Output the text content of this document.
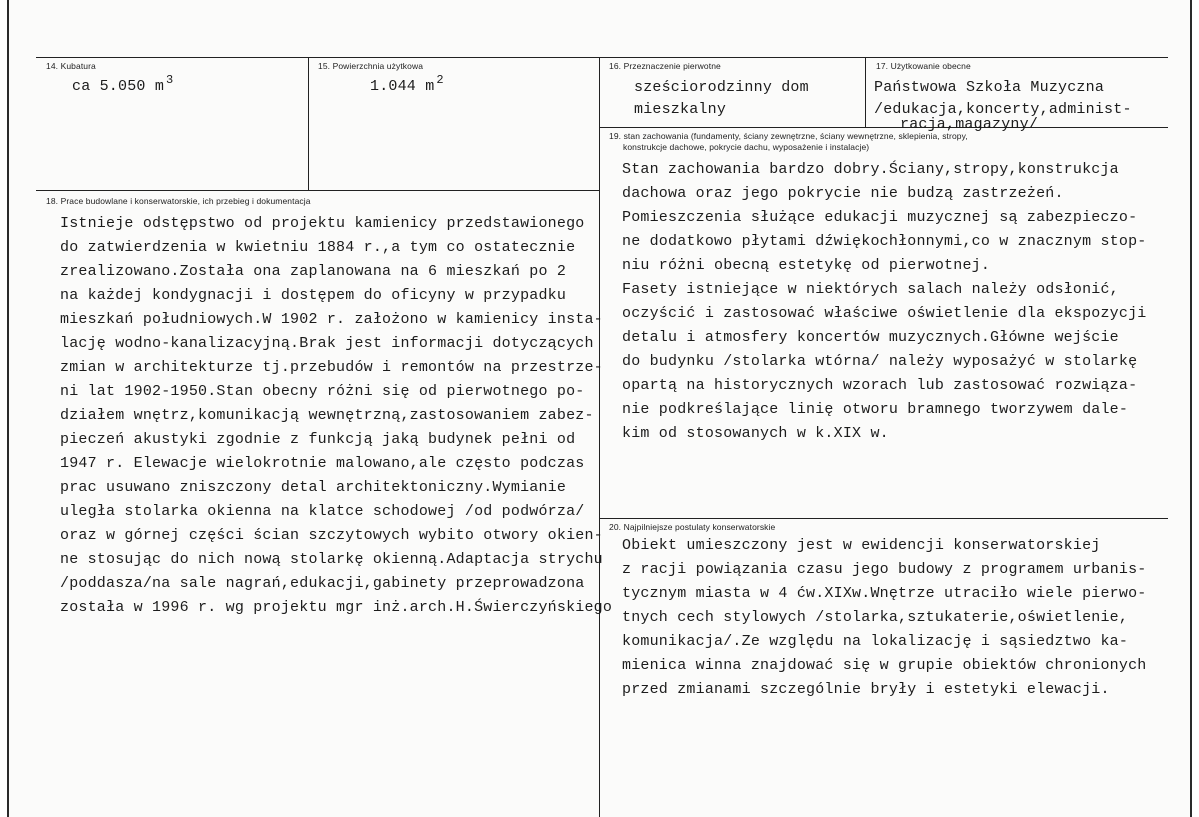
14. Kubatura
ca 5.050 m $^3$
15. Powierzchnia użytkowa
1.044 m $^2$
16. Przeznaczenie pierwotne
sześciorodzinny dom
mieszkalny
17. Użytkowanie obecne
Państwowa Szkoła Muzyczna
/edukacja,koncerty,administ-
racja,magazyny/
19. stan zachowania (fundamenty, ściany zewnętrzne, ściany wewnętrzne, sklepienia, stropy,
konstrukcje dachowe, pokrycie dachu, wyposażenie i instalacje)
Stan zachowania bardzo dobry.Ściany,stropy,konstrukcja
dachowa oraz jego pokrycie nie budzą zastrzeżeń.
Pomieszczenia służące edukacji muzycznej są zabezpieczo-
ne dodatkowo płytami dźwiękochłonnymi,co w znacznym stop-
niu różni obecną estetykę od pierwotnej.
Fasety istniejące w niektórych salach należy odsłonić,
oczyścić i zastosować właściwe oświetlenie dla ekspozycji
detalu i atmosfery koncertów muzycznych.Główne wejście
do budynku /stolarka wtórna/ należy wyposażyć w stolarkę
opartą na historycznych wzorach lub zastosować rozwiąza-
nie podkreślające linię otworu bramnego tworzywem dale-
kim od stosowanych w k.XIX w.
18. Prace budowlane i konserwatorskie, ich przebieg i dokumentacja
Istnieje odstępstwo od projektu kamienicy przedstawionego
do zatwierdzenia w kwietniu 1884 r.,a tym co ostatecznie
zrealizowano.Została ona zaplanowana na 6 mieszkań po 2
na każdej kondygnacji i dostępem do oficyny w przypadku
mieszkań południowych.W 1902 r. założono w kamienicy insta-
lację wodno-kanalizacyjną.Brak jest informacji dotyczących
zmian w architekturze tj.przebudów i remontów na przestrze-
ni lat 1902-1950.Stan obecny różni się od pierwotnego po-
działem wnętrz,komunikacją wewnętrzną,zastosowaniem zabez-
pieczeń akustyki zgodnie z funkcją jaką budynek pełni od
1947 r. Elewacje wielokrotnie malowano,ale często podczas
prac usuwano zniszczony detal architektoniczny.Wymianie
uległa stolarka okienna na klatce schodowej /od podwórza/
oraz w górnej części ścian szczytowych wybito otwory okien-
ne stosując do nich nową stolarkę okienną.Adaptacja strychu
/poddasza/na sale nagrań,edukacji,gabinety przeprowadzona
została w 1996 r. wg projektu mgr inż.arch.H.Świerczyńskiego
20. Najpilniejsze postulaty konserwatorskie
Obiekt umieszczony jest w ewidencji konserwatorskiej
z racji powiązania czasu jego budowy z programem urbanis-
tycznym miasta w 4 ćw.XIXw.Wnętrze utraciło wiele pierwo-
tnych cech stylowych /stolarka,sztukaterie,oświetlenie,
komunikacja/.Ze względu na lokalizację i sąsiedztwo ka-
mienica winna znajdować się w grupie obiektów chronionych
przed zmianami szczególnie bryły i estetyki elewacji.
